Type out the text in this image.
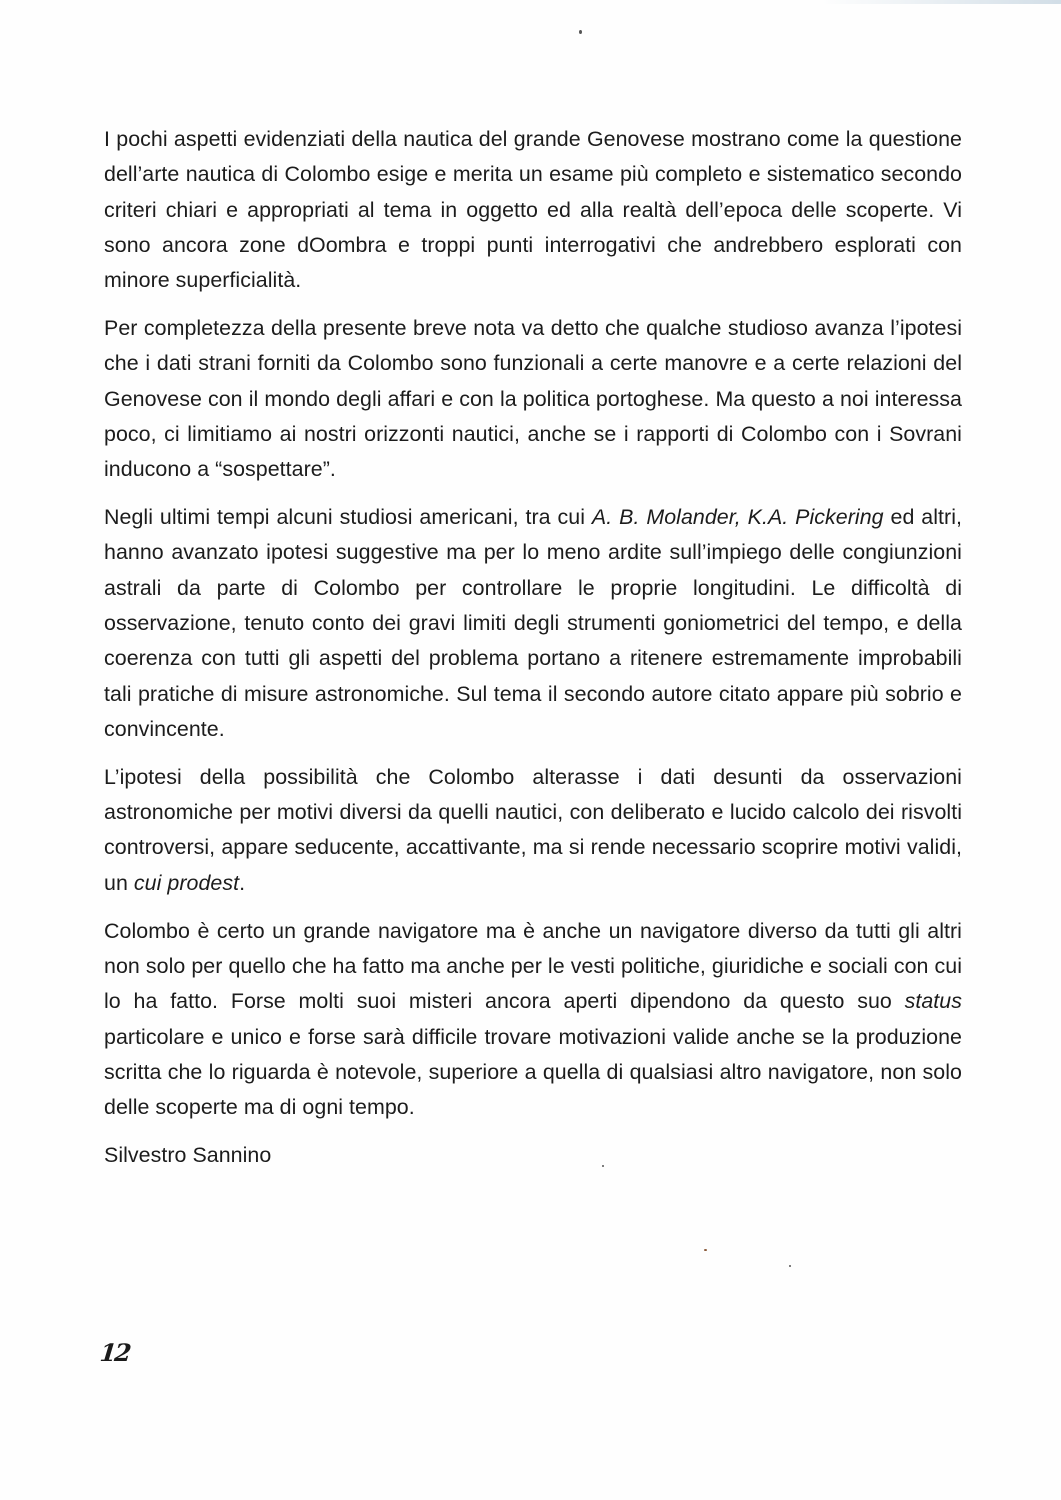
I pochi aspetti evidenziati della nautica del grande Genovese mostrano come la questione dell’arte nautica di Colombo esige e merita un esame più completo e sistematico secondo criteri chiari e appropriati al tema in oggetto ed alla realtà dell’epoca delle scoperte. Vi sono ancora zone dOombra e troppi punti interrogativi che andrebbero esplorati con minore superficialità.

Per completezza della presente breve nota va detto che qualche studioso avanza l’ipotesi che i dati strani forniti da Colombo sono funzionali a certe manovre e a certe relazioni del Genovese con il mondo degli affari e con la politica portoghese. Ma questo a noi interessa poco, ci limitiamo ai nostri orizzonti nautici, anche se i rapporti di Colombo con i Sovrani inducono a “sospettare”.

Negli ultimi tempi alcuni studiosi americani, tra cui A. B. Molander, K.A. Pickering ed altri, hanno avanzato ipotesi suggestive ma per lo meno ardite sull’impiego delle congiunzioni astrali da parte di Colombo per controllare le proprie longitudini. Le difficoltà di osservazione, tenuto conto dei gravi limiti degli strumenti goniometrici del tempo, e della coerenza con tutti gli aspetti del problema portano a ritenere estremamente improbabili tali pratiche di misure astronomiche. Sul tema il secondo autore citato appare più sobrio e convincente.

L’ipotesi della possibilità che Colombo alterasse i dati desunti da osservazioni astronomiche per motivi diversi da quelli nautici, con deliberato e lucido calcolo dei risvolti controversi, appare seducente, accattivante, ma si rende necessario scoprire motivi validi, un cui prodest.

Colombo è certo un grande navigatore ma è anche un navigatore diverso da tutti gli altri non solo per quello che ha fatto ma anche per le vesti politiche, giuridiche e sociali con cui lo ha fatto. Forse molti suoi misteri ancora aperti dipendono da questo suo status particolare e unico e forse sarà difficile trovare motivazioni valide anche se la produzione scritta che lo riguarda è notevole, superiore a quella di qualsiasi altro navigatore, non solo delle scoperte ma di ogni tempo.

Silvestro Sannino

12
